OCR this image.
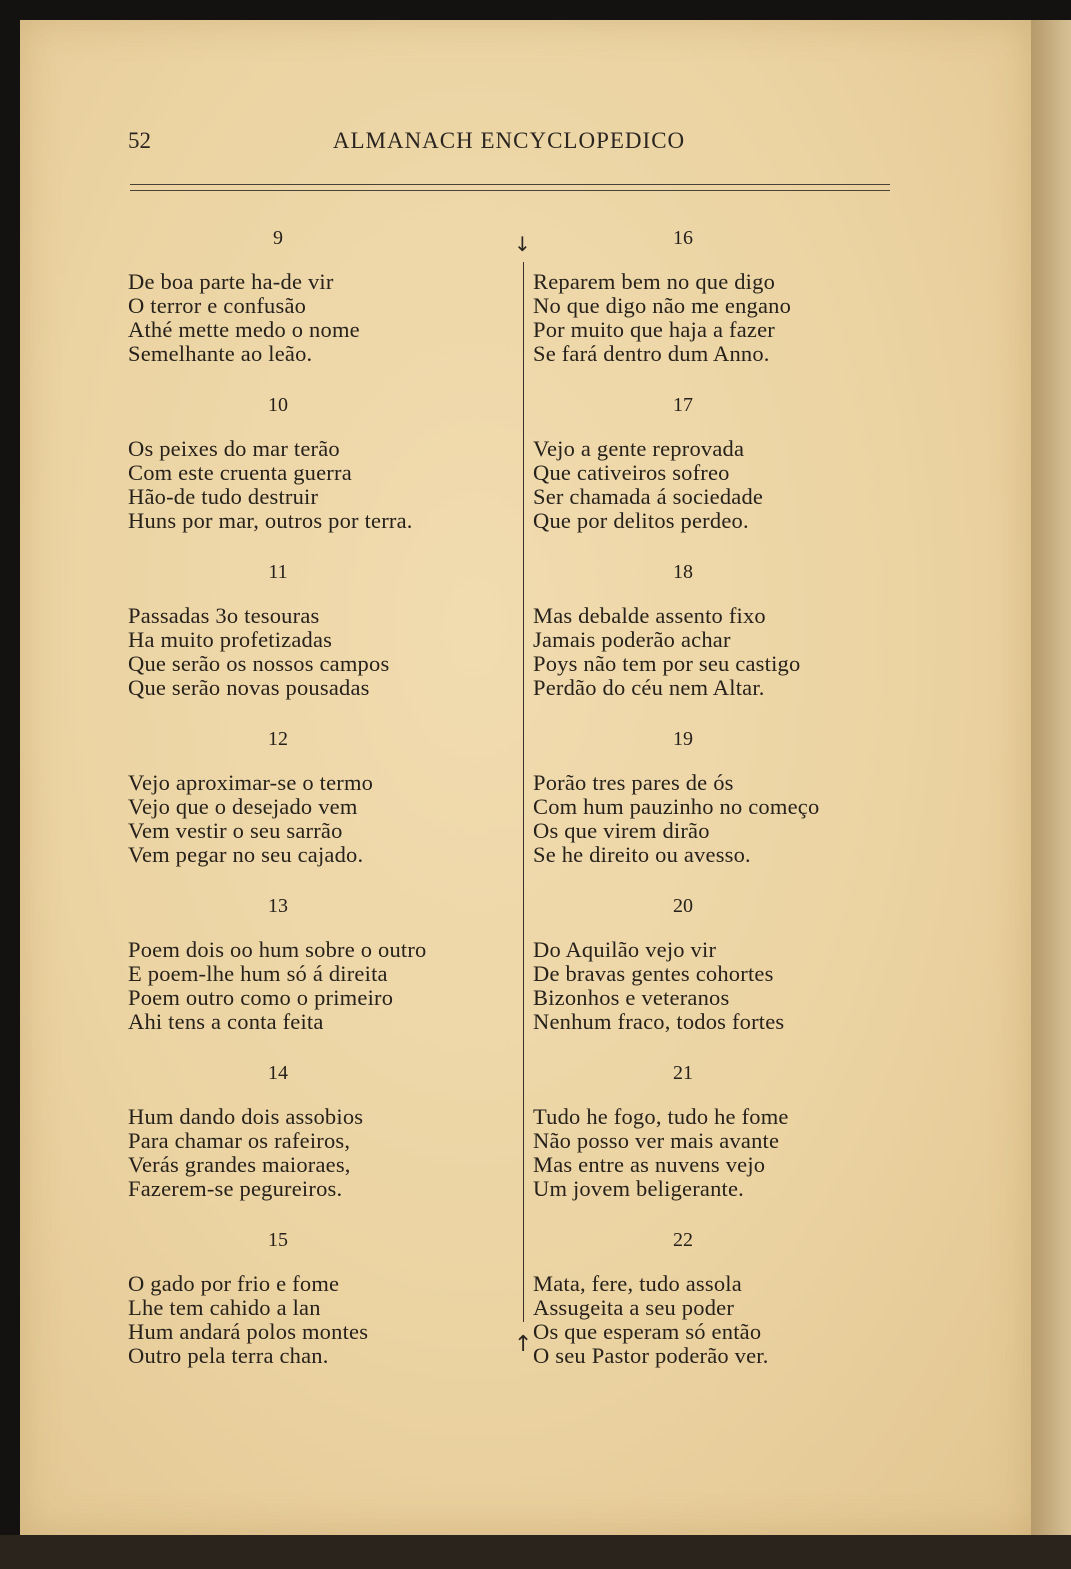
52	ALMANACH ENCYCLOPEDICO
9
De boa parte ha-de vir
O terror e confusão
Athé mette medo o nome
Semelhante ao leão.
10
Os peixes do mar terão
Com este cruenta guerra
Hão-de tudo destruir
Huns por mar, outros por terra.
11
Passadas 3o tesouras
Ha muito profetizadas
Que serão os nossos campos
Que serão novas pousadas
12
Vejo aproximar-se o termo
Vejo que o desejado vem
Vem vestir o seu sarrão
Vem pegar no seu cajado.
13
Poem dois oo hum sobre o outro
E poem-lhe hum só á direita
Poem outro como o primeiro
Ahi tens a conta feita
14
Hum dando dois assobios
Para chamar os rafeiros,
Verás grandes maioraes,
Fazerem-se pegureiros.
15
O gado por frio e fome
Lhe tem cahido a lan
Hum andará polos montes
Outro pela terra chan.
↓
↑
16
Reparem bem no que digo
No que digo não me engano
Por muito que haja a fazer
Se fará dentro dum Anno.
17
Vejo a gente reprovada
Que cativeiros sofreo
Ser chamada á sociedade
Que por delitos perdeo.
18
Mas debalde assento fixo
Jamais poderão achar
Poys não tem por seu castigo
Perdão do céu nem Altar.
19
Porão tres pares de ós
Com hum pauzinho no começo
Os que virem dirão
Se he direito ou avesso.
20
Do Aquilão vejo vir
De bravas gentes cohortes
Bizonhos e veteranos
Nenhum fraco, todos fortes
21
Tudo he fogo, tudo he fome
Não posso ver mais avante
Mas entre as nuvens vejo
Um jovem beligerante.
22
Mata, fere, tudo assola
Assugeita a seu poder
Os que esperam só então
O seu Pastor poderão ver.
